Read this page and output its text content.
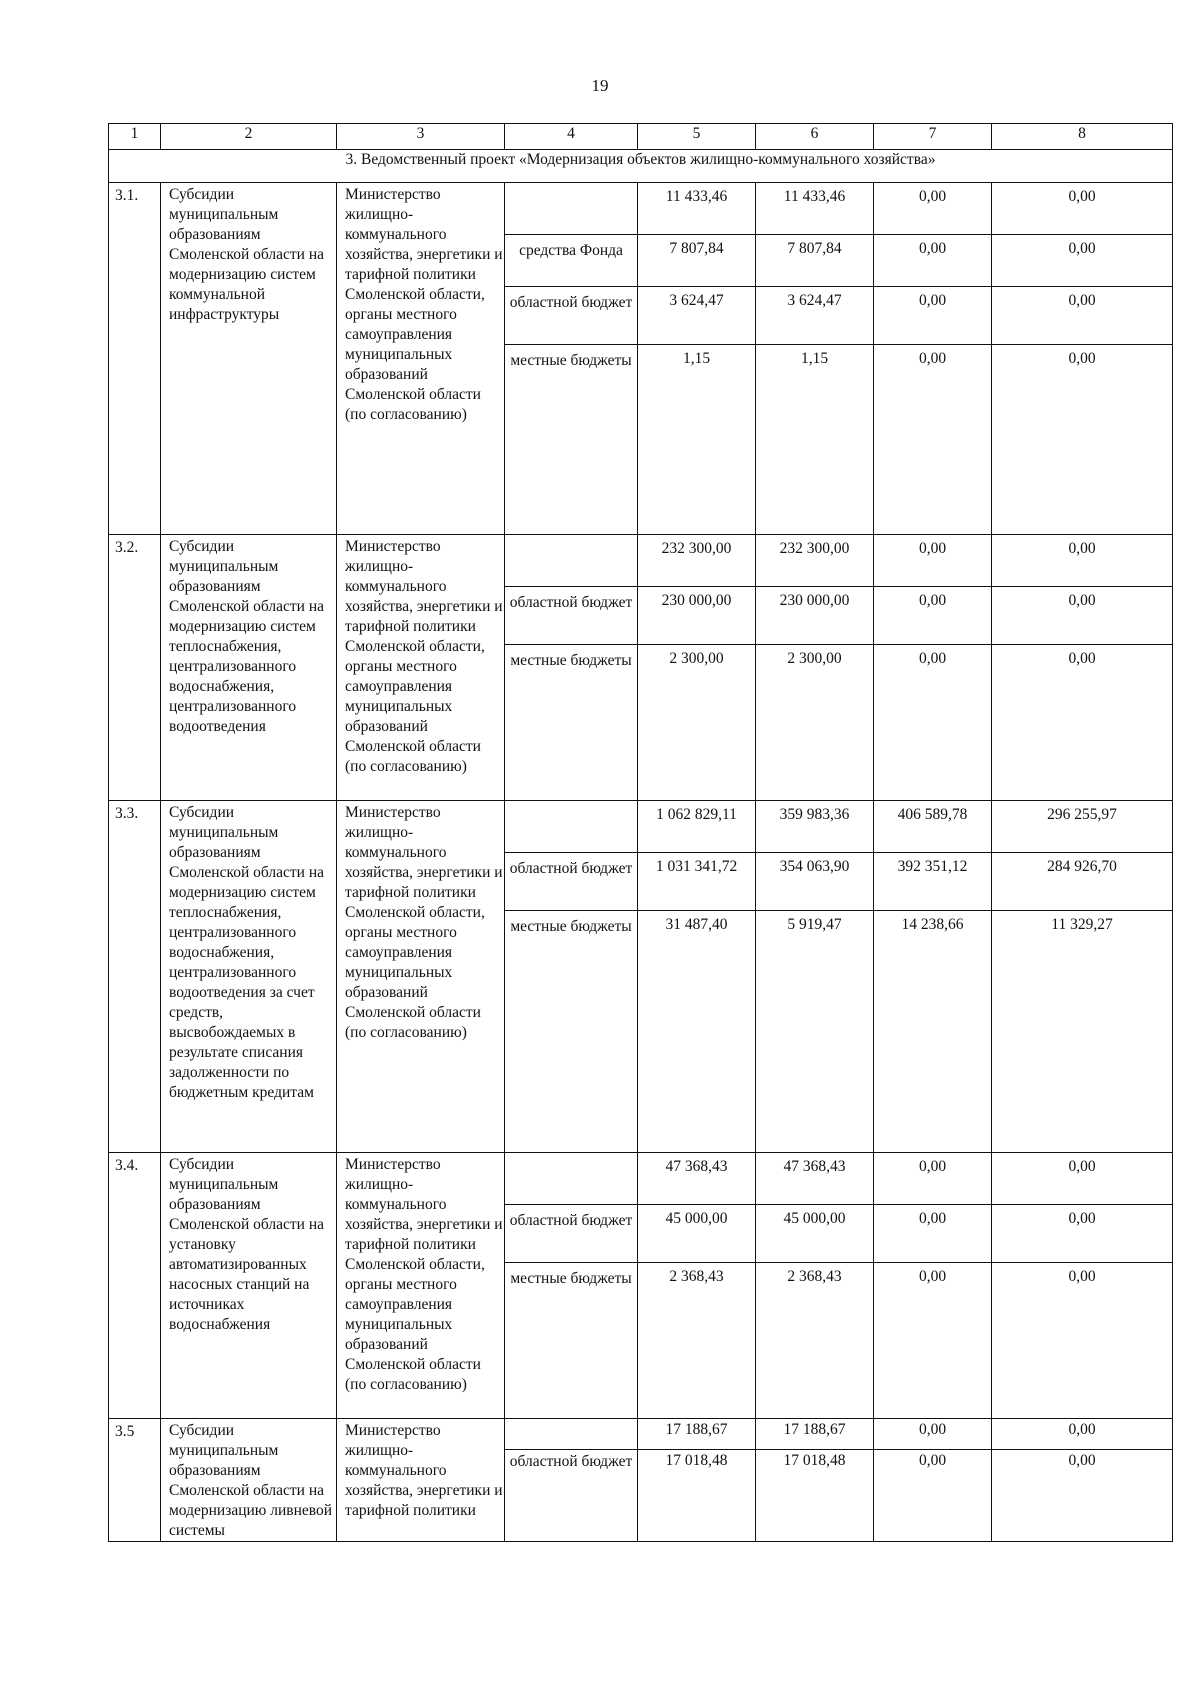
19
1	2	3	4	5	6	7	8
3. Ведомственный проект «Модернизация объектов жилищно-коммунального хозяйства»							
3.1.	Субсидии муниципальным образованиям Смоленской области на модернизацию систем коммунальной инфраструктуры	Министерство жилищно-коммунального хозяйства, энергетики и тарифной политики Смоленской области, органы местного самоуправления муниципальных образований Смоленской области (по согласованию)		11 433,46	11 433,46	0,00	0,00
			средства Фонда	7 807,84	7 807,84	0,00	0,00
			областной бюджет	3 624,47	3 624,47	0,00	0,00
			местные бюджеты	1,15	1,15	0,00	0,00
3.2.	Субсидии муниципальным образованиям Смоленской области на модернизацию систем теплоснабжения, централизованного водоснабжения, централизованного водоотведения	Министерство жилищно-коммунального хозяйства, энергетики и тарифной политики Смоленской области, органы местного самоуправления муниципальных образований Смоленской области (по согласованию)		232 300,00	232 300,00	0,00	0,00
			областной бюджет	230 000,00	230 000,00	0,00	0,00
			местные бюджеты	2 300,00	2 300,00	0,00	0,00
3.3.	Субсидии муниципальным образованиям Смоленской области на модернизацию систем теплоснабжения, централизованного водоснабжения, централизованного водоотведения за счет средств, высвобождаемых в результате списания задолженности по бюджетным кредитам	Министерство жилищно-коммунального хозяйства, энергетики и тарифной политики Смоленской области, органы местного самоуправления муниципальных образований Смоленской области (по согласованию)		1 062 829,11	359 983,36	406 589,78	296 255,97
			областной бюджет	1 031 341,72	354 063,90	392 351,12	284 926,70
			местные бюджеты	31 487,40	5 919,47	14 238,66	11 329,27
3.4.	Субсидии муниципальным образованиям Смоленской области на установку автоматизированных насосных станций на источниках водоснабжения	Министерство жилищно-коммунального хозяйства, энергетики и тарифной политики Смоленской области, органы местного самоуправления муниципальных образований Смоленской области (по согласованию)		47 368,43	47 368,43	0,00	0,00
			областной бюджет	45 000,00	45 000,00	0,00	0,00
			местные бюджеты	2 368,43	2 368,43	0,00	0,00
3.5	Субсидии муниципальным образованиям Смоленской области на модернизацию ливневой системы	Министерство жилищно-коммунального хозяйства, энергетики и тарифной политики		17 188,67	17 188,67	0,00	0,00
			областной бюджет	17 018,48	17 018,48	0,00	0,00
